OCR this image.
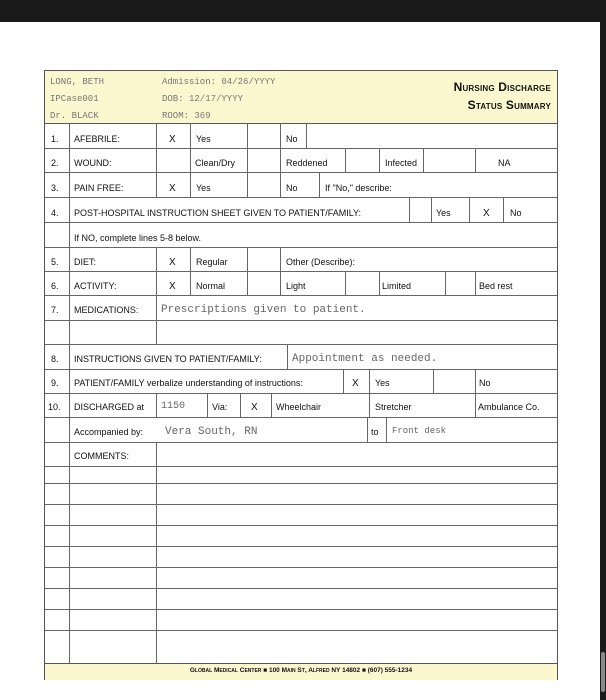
LONG, BETH
IPCase001
Dr. BLACK
Admission: 04/26/YYYY
DOB: 12/17/YYYY
ROOM: 369
Nursing Discharge
Status Summary
1. AFEBRILE:	X Yes	No
2. WOUND:	Clean/Dry	Reddened	Infected	NA
3. PAIN FREE:	X Yes	No	If "No," describe:
4. POST-HOSPITAL INSTRUCTION SHEET GIVEN TO PATIENT/FAMILY:	Yes	X No
If NO, complete lines 5-8 below.
5. DIET:	X Regular	Other (Describe):
6. ACTIVITY:	X Normal	Light	Limited	Bed rest
7. MEDICATIONS: Prescriptions given to patient.
8. INSTRUCTIONS GIVEN TO PATIENT/FAMILY:	Appointment as needed.
9. PATIENT/FAMILY verbalize understanding of instructions:	X Yes	No
10. DISCHARGED at 1150	Via: X Wheelchair	Stretcher	Ambulance Co.
Accompanied by: Vera South, RN	to Front desk
COMMENTS:
Global Medical Center ■ 100 Main St, Alfred NY 14802 ■ (607) 555-1234
